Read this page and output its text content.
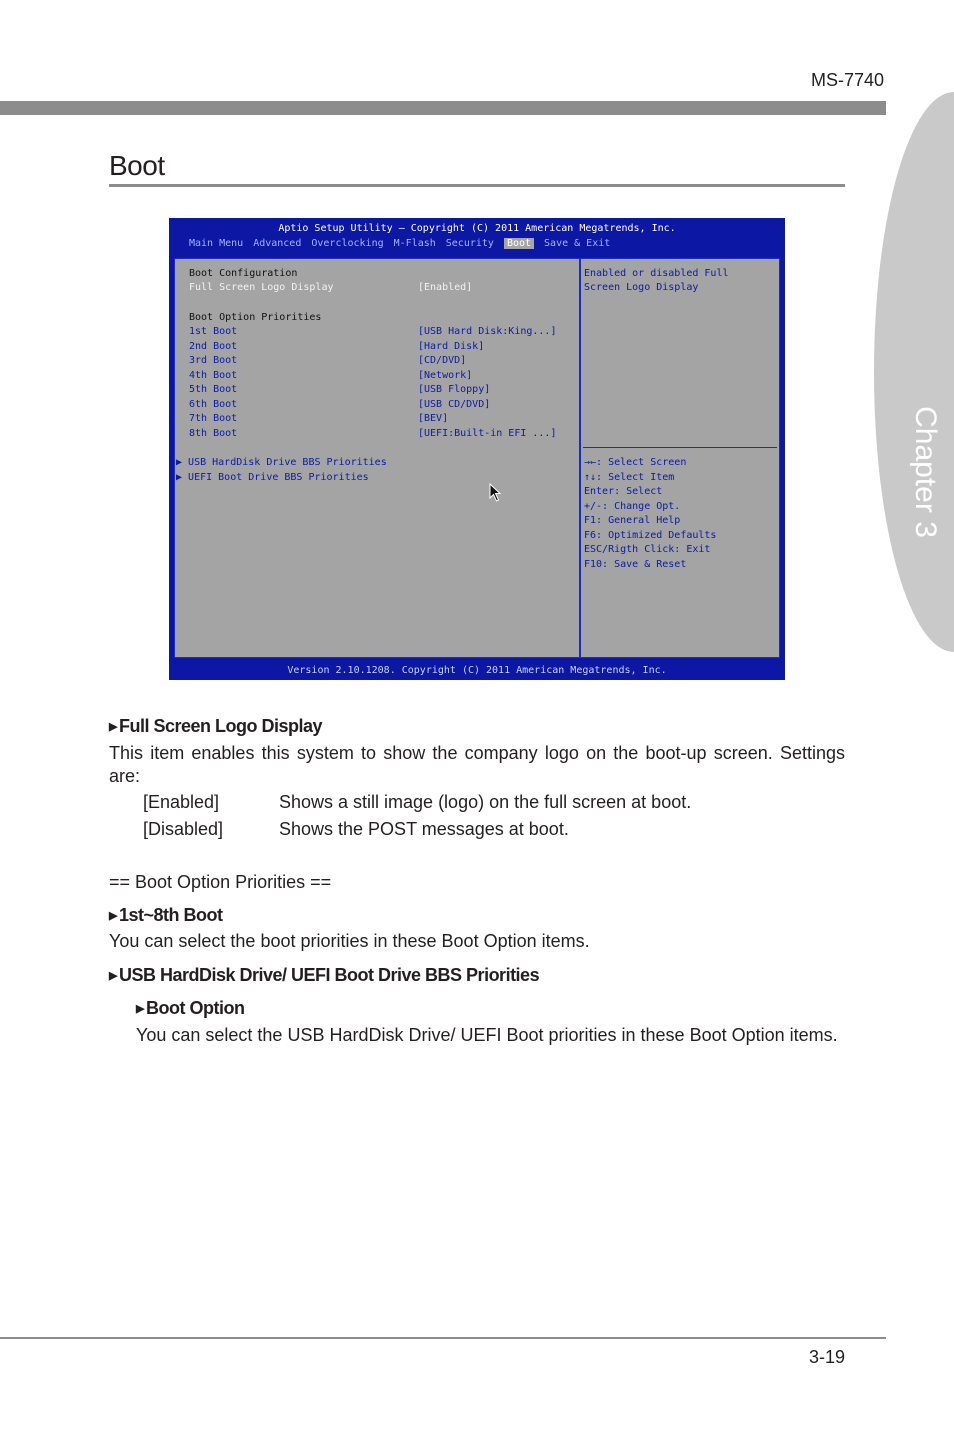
MS-7740
Chapter 3
Boot
Aptio Setup Utility – Copyright (C) 2011 American Megatrends, Inc.
Main Menu Advanced Overclocking M-Flash Security	Boot	Save & Exit
Boot Configuration
Full Screen Logo Display	[Enabled]
Boot Option Priorities
1st Boot	[USB Hard Disk:King...]
2nd Boot	[Hard Disk]
3rd Boot	[CD/DVD]
4th Boot	[Network]
5th Boot	[USB Floppy]
6th Boot	[USB CD/DVD]
7th Boot	[BEV]
8th Boot	[UEFI:Built-in EFI ...]
▶ USB HardDisk Drive BBS Priorities
▶ UEFI Boot Drive BBS Priorities
Enabled or disabled Full
Screen Logo Display
→←: Select Screen
↑↓: Select Item
Enter: Select
+/-: Change Opt.
F1: General Help
F6: Optimized Defaults
ESC/Rigth Click: Exit
F10: Save & Reset
Version 2.10.1208. Copyright (C) 2011 American Megatrends, Inc.
▶ Full Screen Logo Display
This item enables this system to show the company logo on the boot-up screen. Settings are:
[Enabled]	Shows a still image (logo) on the full screen at boot.
[Disabled]	Shows the POST messages at boot.
== Boot Option Priorities ==
▶ 1st~8th Boot
You can select the boot priorities in these Boot Option items.
▶ USB HardDisk Drive/ UEFI Boot Drive BBS Priorities
▶ Boot Option
You can select the USB HardDisk Drive/ UEFI Boot priorities in these Boot Option items.
3-19
